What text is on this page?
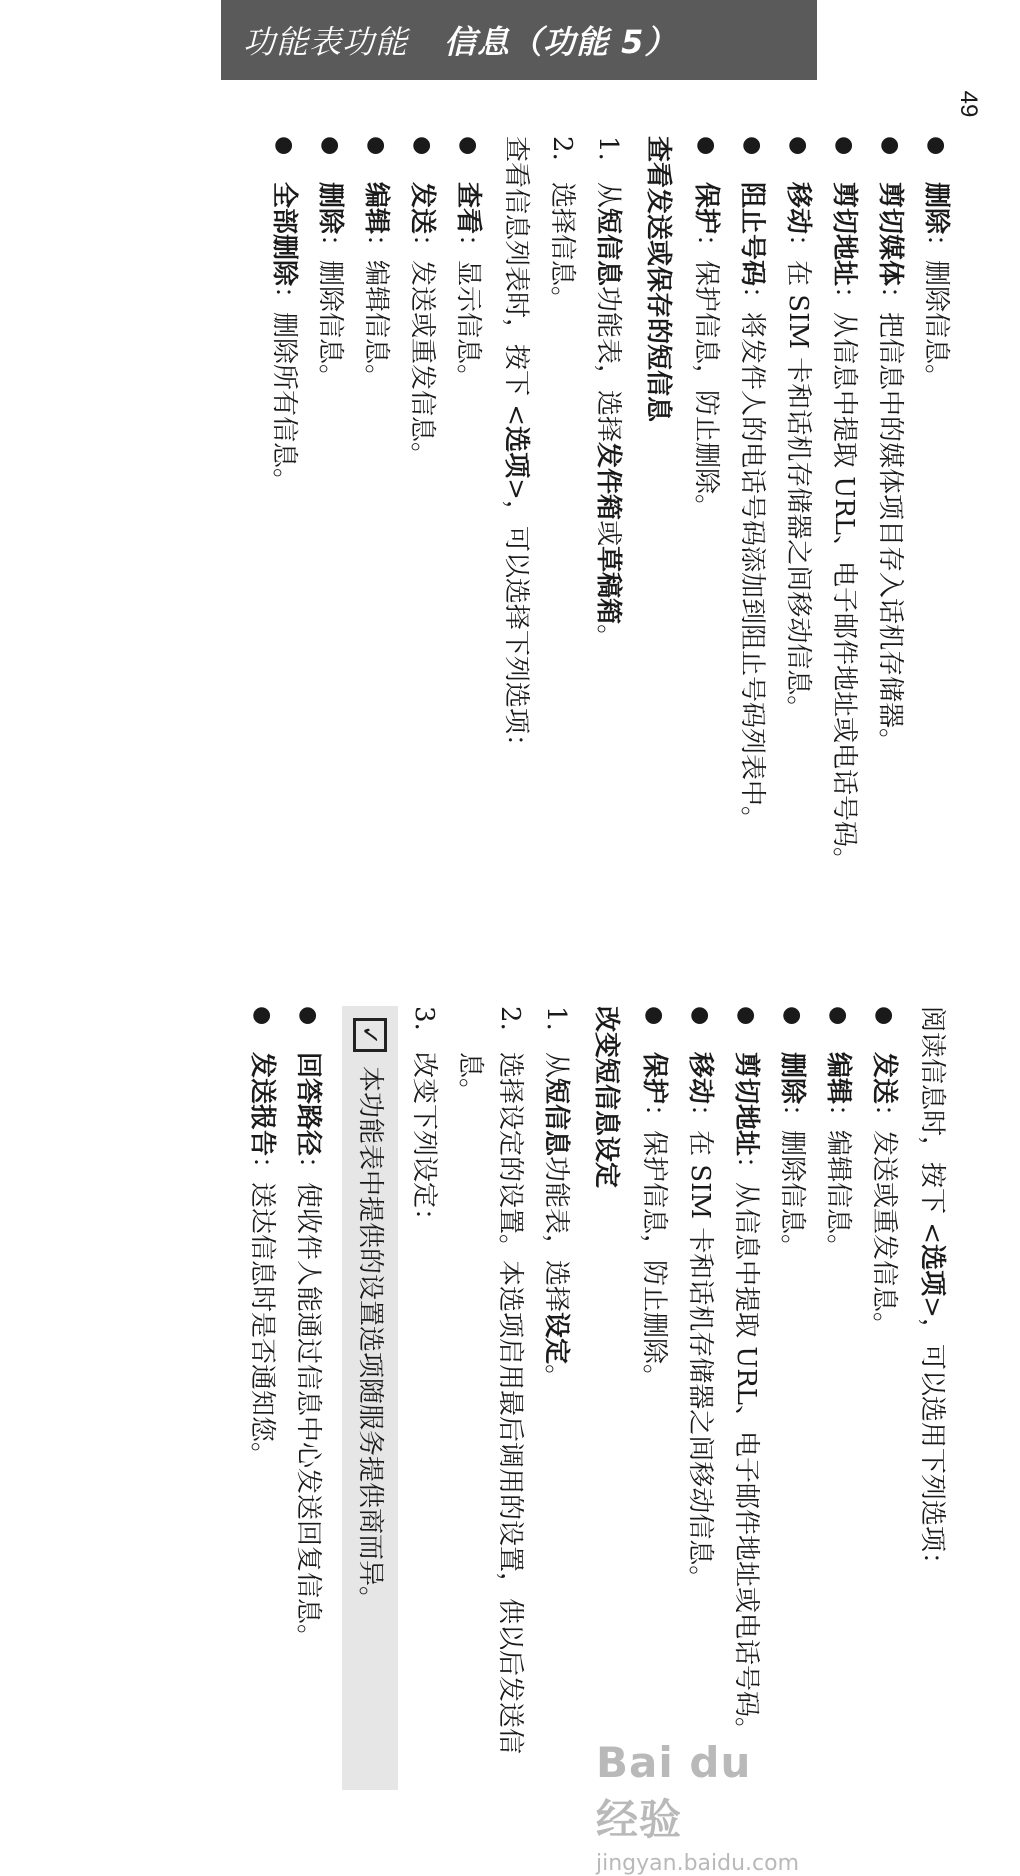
功能表功能 信息（功能 5）
49
●
删除：删除信息。
●
剪切媒体：把信息中的媒体项目存入话机存储器。
●
剪切地址：从信息中提取 URL、电子邮件地址或电话号码。
●
移动：在 SIM 卡和话机存储器之间移动信息。
●
阻止号码：将发件人的电话号码添加到阻止号码列表中。
●
保护：保护信息，防止删除。
查看发送或保存的短信息
1.
从短信息功能表，选择发件箱或草稿箱。
2.
选择信息。
查看信息列表时，按下 <选项>，可以选择下列选项：
●
查看：显示信息。
●
发送：发送或重发信息。
●
编辑：编辑信息。
●
删除：删除信息。
●
全部删除：删除所有信息。
阅读信息时，按下 <选项>，可以选用下列选项：
●
发送：发送或重发信息。
●
编辑：编辑信息。
●
删除：删除信息。
●
剪切地址：从信息中提取 URL、电子邮件地址或电话号码。
●
移动：在 SIM 卡和话机存储器之间移动信息。
●
保护：保护信息，防止删除。
改变短信息设定
1.
从短信息功能表，选择设定。
2.
选择设定的设置。本选项启用最后调用的设置，供以后发送信息。
3.
改变下列设定：
✓
本功能表中提供的设置选项随服务提供商而异。
●
回答路径：使收件人能通过信息中心发送回复信息。
●
发送报告：送达信息时是否通知您。
Bai du 经验
jingyan.baidu.com
